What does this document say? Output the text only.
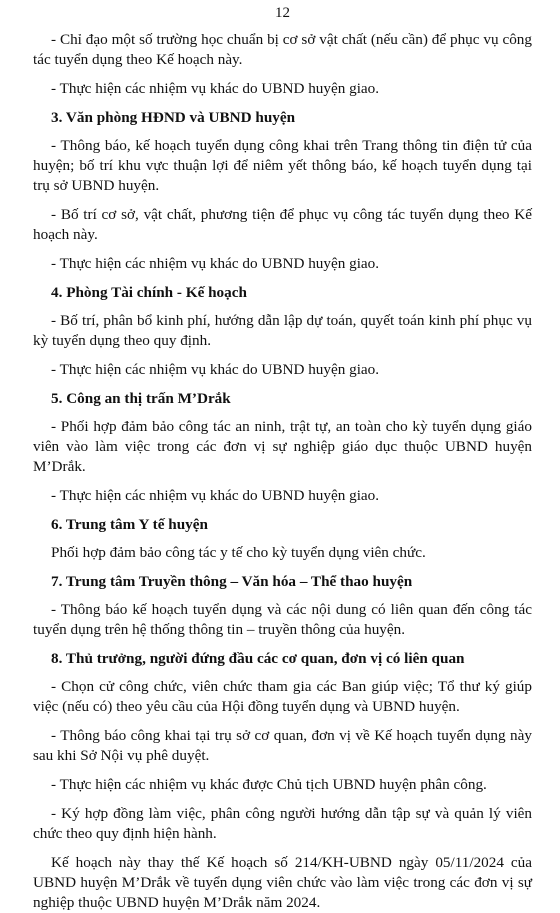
12

- Chỉ đạo một số trường học chuẩn bị cơ sở vật chất (nếu cần) để phục vụ công tác tuyển dụng theo Kế hoạch này.

- Thực hiện các nhiệm vụ khác do UBND huyện giao.

3. Văn phòng HĐND và UBND huyện

- Thông báo, kế hoạch tuyển dụng công khai trên Trang thông tin điện tử của huyện; bố trí khu vực thuận lợi để niêm yết thông báo, kế hoạch tuyển dụng tại trụ sở UBND huyện.

- Bố trí cơ sở, vật chất, phương tiện để phục vụ công tác tuyển dụng theo Kế hoạch này.

- Thực hiện các nhiệm vụ khác do UBND huyện giao.

4. Phòng Tài chính - Kế hoạch

- Bố trí, phân bổ kinh phí, hướng dẫn lập dự toán, quyết toán kinh phí phục vụ kỳ tuyển dụng theo quy định.

- Thực hiện các nhiệm vụ khác do UBND huyện giao.

5. Công an thị trấn M’Drắk

- Phối hợp đảm bảo công tác an ninh, trật tự, an toàn cho kỳ tuyển dụng giáo viên vào làm việc trong các đơn vị sự nghiệp giáo dục thuộc UBND huyện M’Drắk.

- Thực hiện các nhiệm vụ khác do UBND huyện giao.

6. Trung tâm Y tế huyện

Phối hợp đảm bảo công tác y tế cho kỳ tuyển dụng viên chức.

7. Trung tâm Truyền thông – Văn hóa – Thể thao huyện

- Thông báo kế hoạch tuyển dụng và các nội dung có liên quan đến công tác tuyển dụng trên hệ thống thông tin – truyền thông của huyện.

8. Thủ trưởng, người đứng đầu các cơ quan, đơn vị có liên quan

- Chọn cử công chức, viên chức tham gia các Ban giúp việc; Tổ thư ký giúp việc (nếu có) theo yêu cầu của Hội đồng tuyển dụng và UBND huyện.

- Thông báo công khai tại trụ sở cơ quan, đơn vị về Kế hoạch tuyển dụng này sau khi Sở Nội vụ phê duyệt.

- Thực hiện các nhiệm vụ khác được Chủ tịch UBND huyện phân công.

- Ký hợp đồng làm việc, phân công người hướng dẫn tập sự và quản lý viên chức theo quy định hiện hành.

Kế hoạch này thay thế Kế hoạch số 214/KH-UBND ngày 05/11/2024 của UBND huyện M’Drắk về tuyển dụng viên chức vào làm việc trong các đơn vị sự nghiệp thuộc UBND huyện M’Drắk năm 2024.
